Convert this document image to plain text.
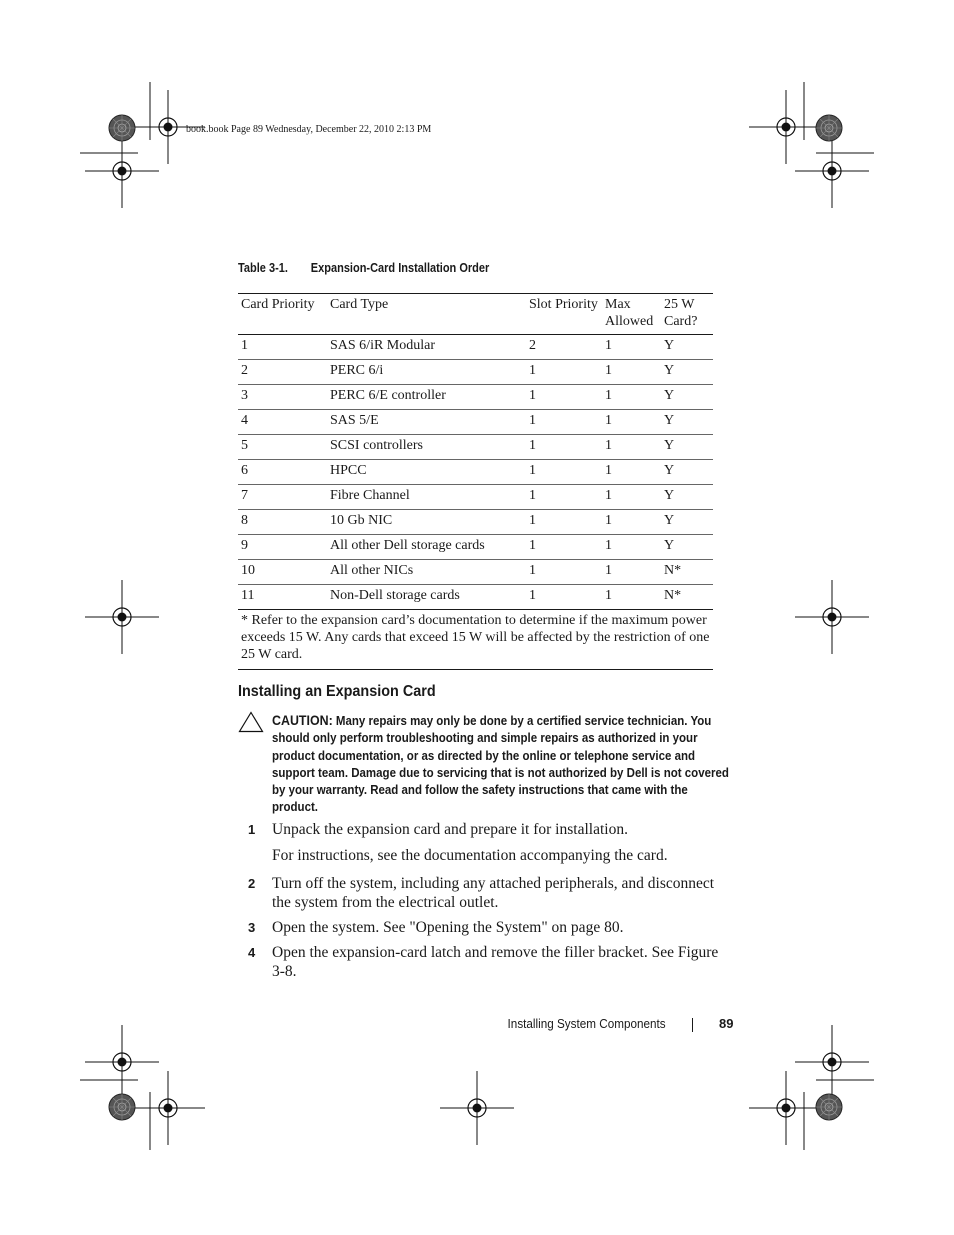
book.book Page 89 Wednesday, December 22, 2010 2:13 PM
Table 3-1. Expansion-Card Installation Order
Card Priority	Card Type	Slot Priority	Max Allowed	25 W Card?
1	SAS 6/iR Modular	2	1	Y
2	PERC 6/i	1	1	Y
3	PERC 6/E controller	1	1	Y
4	SAS 5/E	1	1	Y
5	SCSI controllers	1	1	Y
6	HPCC	1	1	Y
7	Fibre Channel	1	1	Y
8	10 Gb NIC	1	1	Y
9	All other Dell storage cards	1	1	Y
10	All other NICs	1	1	N*
11	Non-Dell storage cards	1	1	N*
* Refer to the expansion card’s documentation to determine if the maximum power exceeds 15 W. Any cards that exceed 15 W will be affected by the restriction of one 25 W card.				
Installing an Expansion Card
CAUTION: Many repairs may only be done by a certified service technician. You should only perform troubleshooting and simple repairs as authorized in your product documentation, or as directed by the online or telephone service and support team. Damage due to servicing that is not authorized by Dell is not covered by your warranty. Read and follow the safety instructions that came with the product.
1 Unpack the expansion card and prepare it for installation.

For instructions, see the documentation accompanying the card.

2 Turn off the system, including any attached peripherals, and disconnect the system from the electrical outlet.

3 Open the system. See "Opening the System" on page 80.

4 Open the expansion-card latch and remove the filler bracket. See Figure 3-8.

Installing System Components	89
